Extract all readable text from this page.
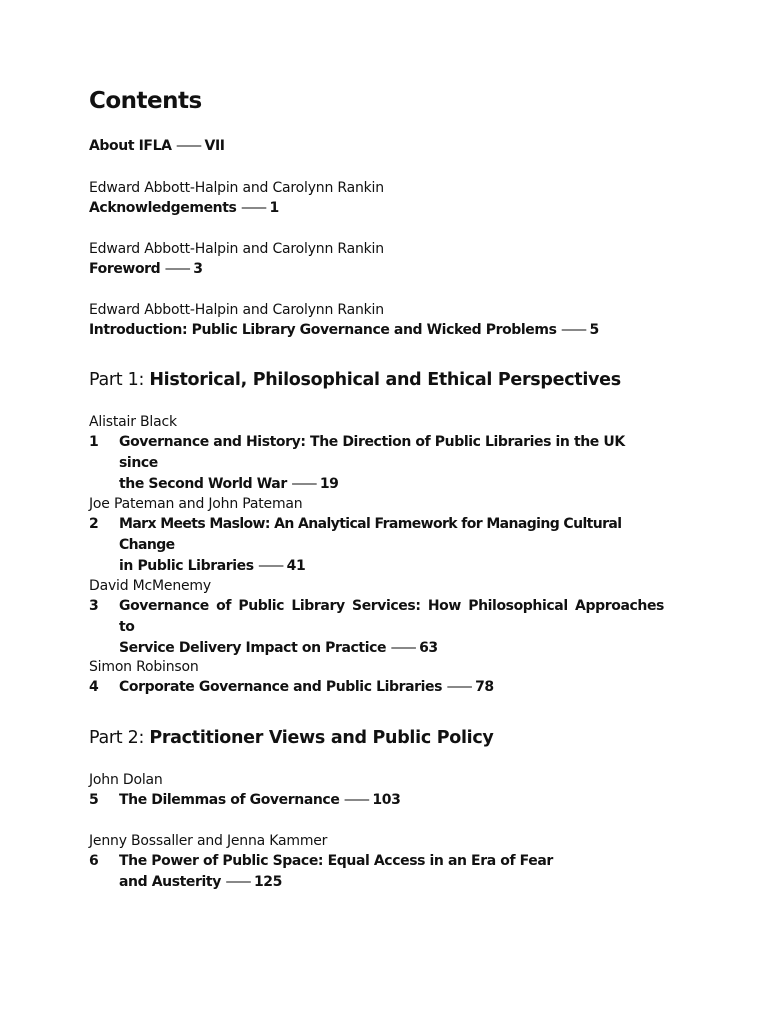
Contents
About IFLA —— VII
Edward Abbott-Halpin and Carolynn Rankin
Acknowledgements —— 1
Edward Abbott-Halpin and Carolynn Rankin
Foreword —— 3
Edward Abbott-Halpin and Carolynn Rankin
Introduction: Public Library Governance and Wicked Problems —— 5
Part 1: Historical, Philosophical and Ethical Perspectives
Alistair Black
1	Governance and History: The Direction of Public Libraries in the UK since
the Second World War —— 19
Joe Pateman and John Pateman
2	Marx Meets Maslow: An Analytical Framework for Managing Cultural Change
in Public Libraries —— 41
David McMenemy
3	Governance of Public Library Services: How Philosophical Approaches to
Service Delivery Impact on Practice —— 63
Simon Robinson
4	Corporate Governance and Public Libraries —— 78
Part 2: Practitioner Views and Public Policy
John Dolan
5	The Dilemmas of Governance —— 103
Jenny Bossaller and Jenna Kammer
6	The Power of Public Space: Equal Access in an Era of Fear
and Austerity —— 125
